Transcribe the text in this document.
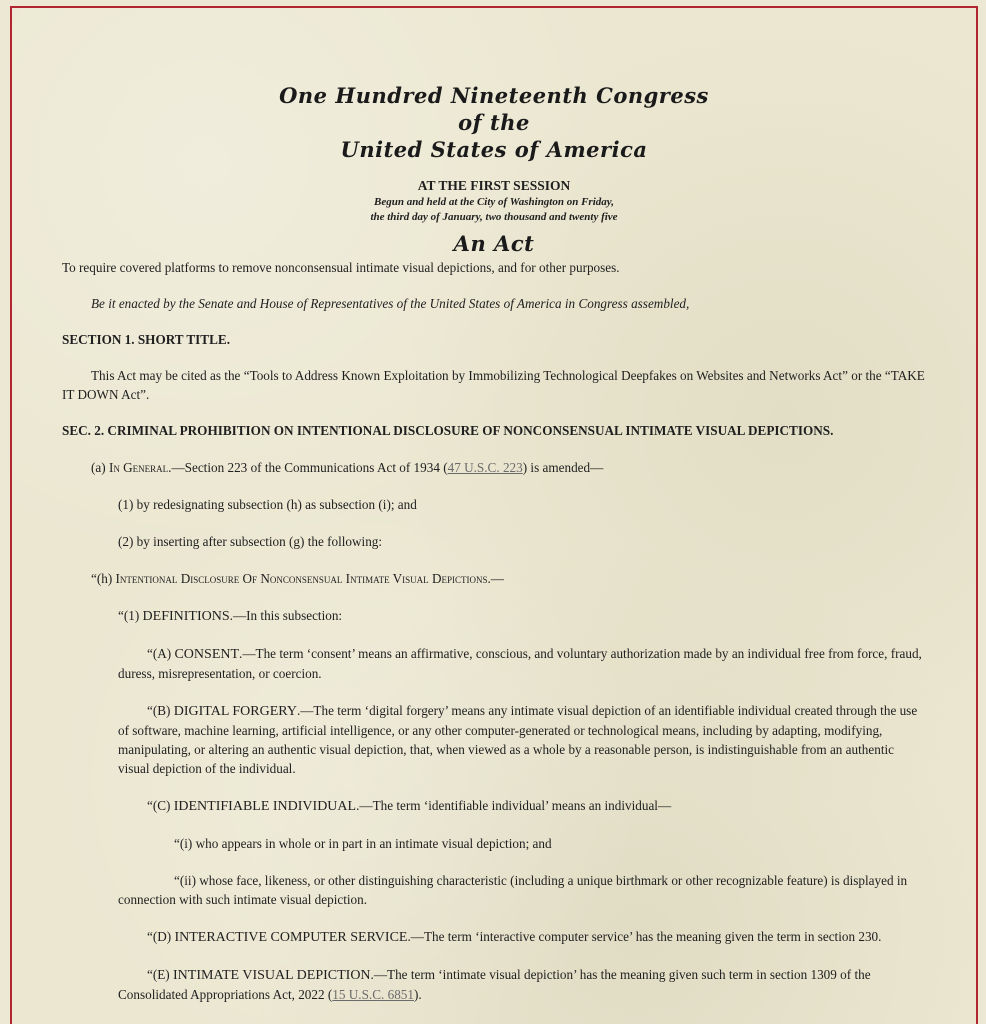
One Hundred Nineteenth Congress
of the
United States of America
AT THE FIRST SESSION
Begun and held at the City of Washington on Friday,
the third day of January, two thousand and twenty five
An Act

To require covered platforms to remove nonconsensual intimate visual depictions, and for other purposes.

Be it enacted by the Senate and House of Representatives of the United States of America in Congress assembled,

SECTION 1. SHORT TITLE.

This Act may be cited as the “Tools to Address Known Exploitation by Immobilizing Technological Deepfakes on Websites and Networks Act” or the “TAKE IT DOWN Act”.

SEC. 2. CRIMINAL PROHIBITION ON INTENTIONAL DISCLOSURE OF NONCONSENSUAL INTIMATE VISUAL DEPICTIONS.

(a) In General.—Section 223 of the Communications Act of 1934 (47 U.S.C. 223) is amended—

(1) by redesignating subsection (h) as subsection (i); and

(2) by inserting after subsection (g) the following:

“(h) Intentional Disclosure Of Nonconsensual Intimate Visual Depictions.—

“(1) DEFINITIONS.—In this subsection:

“(A) CONSENT.—The term ‘consent’ means an affirmative, conscious, and voluntary authorization made by an individual free from force, fraud, duress, misrepresentation, or coercion.

“(B) DIGITAL FORGERY.—The term ‘digital forgery’ means any intimate visual depiction of an identifiable individual created through the use of software, machine learning, artificial intelligence, or any other computer-generated or technological means, including by adapting, modifying, manipulating, or altering an authentic visual depiction, that, when viewed as a whole by a reasonable person, is indistinguishable from an authentic visual depiction of the individual.

“(C) IDENTIFIABLE INDIVIDUAL.—The term ‘identifiable individual’ means an individual—

“(i) who appears in whole or in part in an intimate visual depiction; and

“(ii) whose face, likeness, or other distinguishing characteristic (including a unique birthmark or other recognizable feature) is displayed in connection with such intimate visual depiction.

“(D) INTERACTIVE COMPUTER SERVICE.—The term ‘interactive computer service’ has the meaning given the term in section 230.

“(E) INTIMATE VISUAL DEPICTION.—The term ‘intimate visual depiction’ has the meaning given such term in section 1309 of the Consolidated Appropriations Act, 2022 (15 U.S.C. 6851).
